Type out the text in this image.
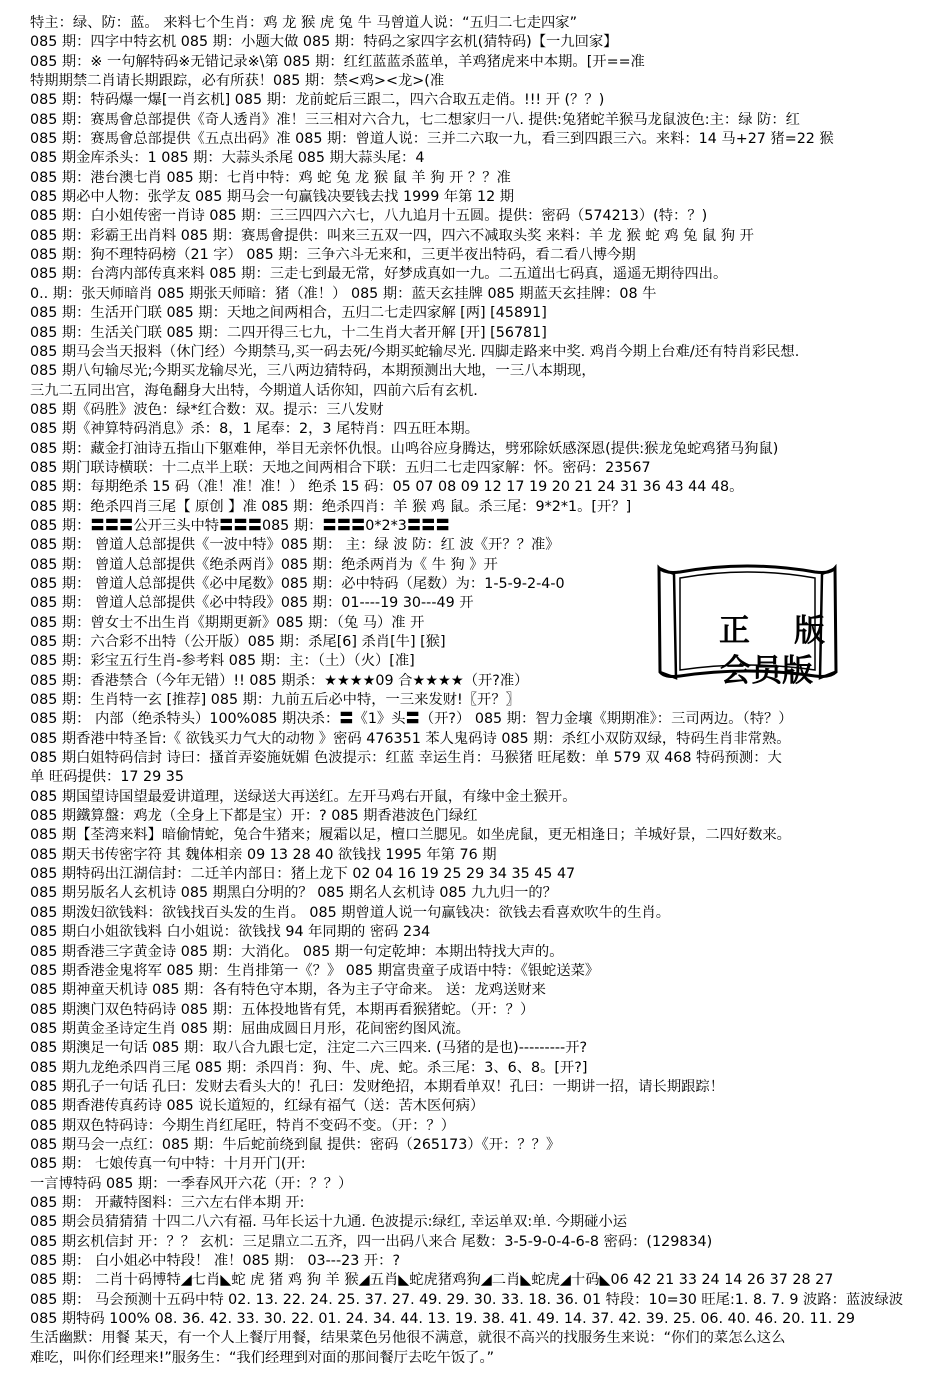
特主：绿、防：蓝。 来料七个生肖：鸡 龙 猴 虎 兔 牛 马曾道人说：“五归二七走四家”
085 期：四字中特玄机 085 期：小题大做 085 期：特码之家四字玄机(猜特码)【一九回家】
085 期：※ 一句解特码※无错记录※\第 085 期：红红蓝蓝杀蓝单，羊鸡猪虎来中本期。[开==准
特期期禁二肖请长期跟踪，必有所获！085 期：禁<鸡><龙>(准
085 期：特码爆一爆[一肖玄机] 085 期：龙前蛇后三跟二，四六合取五走俏。!!! 开 (？？)
085 期：赛馬會总部提供《奇人透肖》准！三三相对六合九，七二想家归一八. 提供:兔猪蛇羊猴马龙鼠波色:主：绿 防：红
085 期：赛馬會总部提供《五点出码》准 085 期：曾道人说：三并二六取一九，看三到四跟三六。来料：14 马+27 猪=22 猴
085 期金库杀头：1 085 期：大蒜头杀尾 085 期大蒜头尾：4
085 期：港台澳七肖 085 期：七肖中特：鸡 蛇 兔 龙 猴 鼠 羊 狗 开 ？？准
085 期必中人物：张学友 085 期马会一句赢钱决要钱去找 1999 年第 12 期
085 期：白小姐传密一肖诗 085 期：三三四四六六七，八九追月十五圆。提供：密码（574213）(特：？)
085 期：彩霸王出肖料 085 期：赛馬會提供：叫来三五双一四，四六不减取头奖 来料：羊 龙 猴 蛇 鸡 兔 鼠 狗 开
085 期：狗不理特码榜（21 字） 085 期：三争六斗无来和，三更半夜出特码，看二看八博今期
085 期：台湾内部传真来料 085 期：三走七到最无常，好梦成真如一九。二五道出七码真，遥遥无期待四出。
0.. 期：张天师暗肖 085 期张天师暗：猪（准！） 085 期：蓝天玄挂牌 085 期蓝天玄挂牌：08 牛
085 期：生活开门联 085 期：天地之间两相合，五归二七走四家解 [两] [45891]
085 期：生活关门联 085 期：二四开得三七九，十二生肖大者开解 [开] [56781]
085 期马会当天报料（休门经）今期禁马,买一码去死/今期买蛇输尽光. 四脚走路来中奖. 鸡肖今期上台难/还有特肖彩民想.
085 期八句输尽光;今期买龙输尽光，三八两边猜特码，本期预测出大地，一三八本期现，
三九二五同出宫，海龟翻身大出特，今期道人话你知，四前六后有玄机.
085 期《码胜》波色：绿*红合数：双。提示：三八发财
085 期《神算特码消息》杀：8，1 尾奉：2，3 尾特肖：四五旺本期。
085 期：藏金打油诗五指山下躯难伸，举目无亲怀仇恨。山鸣谷应身腾达，劈邪除妖感深恩(提供:猴龙兔蛇鸡猪马狗鼠)
085 期门联诗横联：十二点半上联：天地之间两相合下联：五归二七走四家解：怀。密码：23567
085 期：每期绝杀 15 码（准！准！准！） 绝杀 15 码：05 07 08 09 12 17 19 20 21 24 31 36 43 44 48。
085 期：绝杀四肖三尾【 原创 】准 085 期：绝杀四肖：羊 猴 鸡 鼠。杀三尾：9*2*1。[开？]
085 期：〓〓〓公开三头中特〓〓〓085 期：〓〓〓0*2*3〓〓〓
085 期： 曾道人总部提供《一波中特》085 期： 主：绿 波 防：红 波《开？？准》
085 期： 曾道人总部提供《绝杀两肖》085 期：绝杀两肖为《 牛 狗 》开
085 期： 曾道人总部提供《必中尾数》085 期：必中特码（尾数）为：1-5-9-2-4-0
085 期： 曾道人总部提供《必中特段》085 期：01----19 30---49 开
085 期：曾女士不出生肖《期期更新》085 期：（兔 马）准 开
085 期：六合彩不出特（公开版）085 期：杀尾[6] 杀肖[牛] [猴]
085 期：彩宝五行生肖-参考料 085 期：主：（土）（火）[准]
085 期：香港禁合（今年无错）!! 085 期杀：★★★★09 合★★★★（开?准）
085 期：生肖特一玄 [推荐] 085 期：九前五后必中特，一三来发财!〖开？〗
085 期： 内部（绝杀特头）100%085 期决杀：〓《1》头〓（开?） 085 期：智力金壤《期期准》：三司两边。（特？）
085 期香港中特圣旨:《 欲钱买力气大的动物 》密码 476351 苯人鬼码诗 085 期：杀红小双防双绿，特码生肖非常熟。
085 期白姐特码信封 诗曰：搔首弄姿施妩媚 色波提示：红蓝 幸运生肖：马猴猪 旺尾数：单 579 双 468 特码预测：大
单 旺码提供：17 29 35
085 期国望诗国望最爱讲道理，送绿送大再送红。左开马鸡右开鼠，有缘中金土猴开。
085 期鐵算盤：鸡龙（全身上下都是宝）开：? 085 期香港波色门绿红
085 期【荃湾来料】暗偷情蛇，兔合牛猪来；履霜以足，檀口兰腮见。如坐虎鼠，更无相逢日；羊城好景，二四好数来。
085 期天书传密字符 其 魏体相亲 09 13 28 40 欲钱找 1995 年第 76 期
085 期特码出江湖信封：二迁羊内部日：猪上龙下 02 04 16 19 25 29 34 35 45 47
085 期另版名人玄机诗 085 期黑白分明的？ 085 期名人玄机诗 085 九九归一的？
085 期泼妇欲钱料：欲钱找百头发的生肖。 085 期曾道人说一句赢钱决：欲钱去看喜欢吹牛的生肖。
085 期白小姐欲钱料 白小姐说：欲钱找 94 年同期的 密码 234
085 期香港三字黄金诗 085 期：大消化。 085 期一句定乾坤：本期出特找大声的。
085 期香港金鬼将军 085 期：生肖排第一《？》 085 期富贵童子成语中特：《银蛇送菜》
085 期神童天机诗 085 期：各有特色守本期，各为主子守命来。 送：龙鸡送财来
085 期澳门双色特码诗 085 期：五体投地皆有凭，本期再看猴猪蛇。（开：？）
085 期黄金圣诗定生肖 085 期：屈曲成圆日月形，花间密约图风流。
085 期澳足一句话 085 期：取八合九跟七定，注定二六三四来. (马猪的是也)---------开?
085 期九龙绝杀四肖三尾 085 期：杀四肖：狗、牛、虎、蛇。杀三尾：3、6、8。[开?]
085 期孔子一句话 孔曰：发财去看头大的！孔曰：发财绝招，本期看单双！孔曰：一期讲一招，请长期跟踪！
085 期香港传真药诗 085 说长道短的，红绿有福气（送：苦木医何病）
085 期双色特码诗：今期生肖红尾旺，特肖不变码不变。（开：？）
085 期马会一点红：085 期：牛后蛇前绕到鼠 提供：密码（265173）《开：？？》
085 期： 七娘传真一句中特：十月开门(开:
一言博特码 085 期：一季春风开六花（开：？？）
085 期： 开藏特图料：三六左右伴本期 开:
085 期会员猜猜猜 十四二八六有福. 马年长运十九通. 色波提示:绿红, 幸运单双:单. 今期碰小运
085 期玄机信封 开：？？ 玄机：三足鼎立二五齐，四一出码八来合 尾数：3-5-9-0-4-6-8 密码：(129834)
085 期： 白小姐必中特段！ 准！085 期： 03---23 开：?
085 期： 二肖十码博特◢七肖◣蛇 虎 猪 鸡 狗 羊 猴◢五肖◣蛇虎猪鸡狗◢二肖◣蛇虎◢十码◣06 42 21 33 24 14 26 37 28 27
085 期： 马会预测十五码中特 02. 13. 22. 24. 25. 37. 27. 49. 29. 30. 33. 18. 36. 01 特段：10=30 旺尾:1. 8. 7. 9 波路：蓝波绿波
085 期特码 100% 08. 36. 42. 33. 30. 22. 01. 24. 34. 44. 13. 19. 38. 41. 49. 14. 37. 42. 39. 25. 06. 40. 46. 20. 11. 29
生活幽默：用餐 某天，有一个人上餐厅用餐，结果菜色另他很不满意，就很不高兴的找服务生来说：“你们的菜怎么这么
难吃，叫你们经理来!”服务生：“我们经理到对面的那间餐厅去吃午饭了。”
正 版
会员版
